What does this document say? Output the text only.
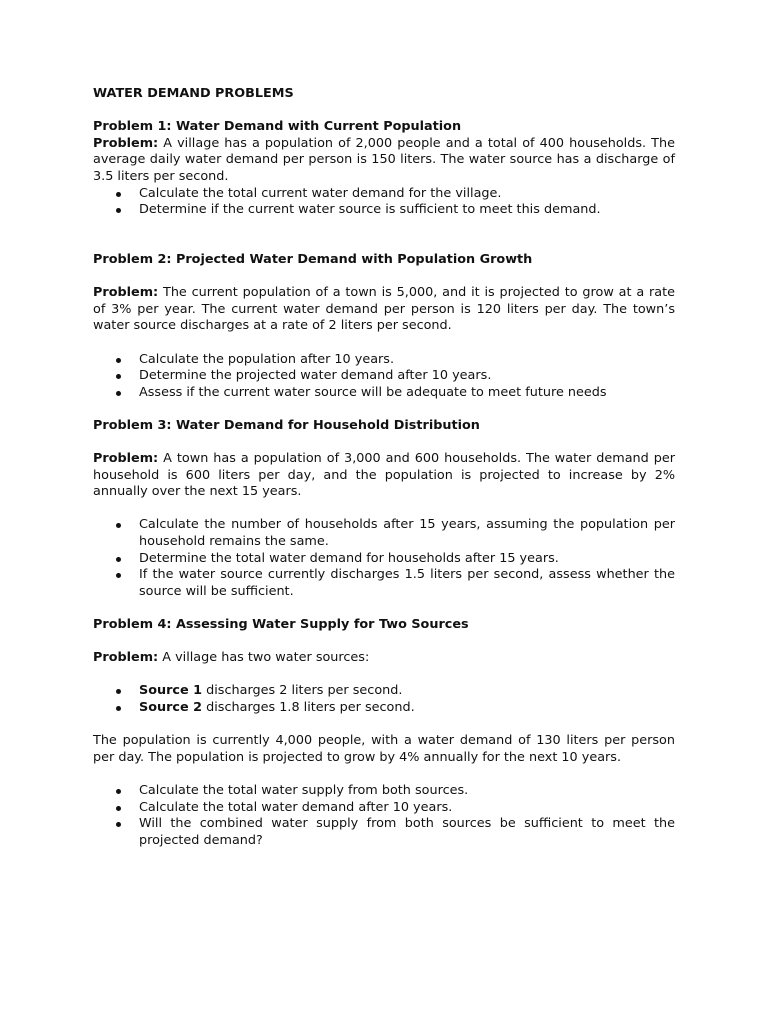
WATER DEMAND PROBLEMS
Problem 1: Water Demand with Current Population

Problem: A village has a population of 2,000 people and a total of 400 households. The average daily water demand per person is 150 liters. The water source has a discharge of 3.5 liters per second.

Calculate the total current water demand for the village.
Determine if the current water source is sufficient to meet this demand.
Problem 2: Projected Water Demand with Population Growth

Problem: The current population of a town is 5,000, and it is projected to grow at a rate of 3% per year. The current water demand per person is 120 liters per day. The town’s water source discharges at a rate of 2 liters per second.

Calculate the population after 10 years.
Determine the projected water demand after 10 years.
Assess if the current water source will be adequate to meet future needs
Problem 3: Water Demand for Household Distribution

Problem: A town has a population of 3,000 and 600 households. The water demand per household is 600 liters per day, and the population is projected to increase by 2% annually over the next 15 years.

Calculate the number of households after 15 years, assuming the population per household remains the same.
Determine the total water demand for households after 15 years.
If the water source currently discharges 1.5 liters per second, assess whether the source will be sufficient.
Problem 4: Assessing Water Supply for Two Sources

Problem: A village has two water sources:

Source 1 discharges 2 liters per second.
Source 2 discharges 1.8 liters per second.

The population is currently 4,000 people, with a water demand of 130 liters per person per day. The population is projected to grow by 4% annually for the next 10 years.

Calculate the total water supply from both sources.
Calculate the total water demand after 10 years.
Will the combined water supply from both sources be sufficient to meet the projected demand?
